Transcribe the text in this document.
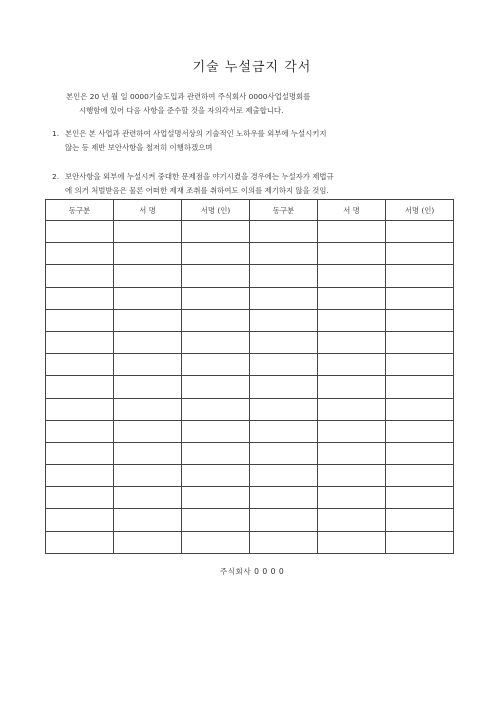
기술 누설금지 각서
본인은 20 년 월 일 0000기술도입과 관련하여 주식회사 0000사업설명회를
시행함에 있어 다음 사항을 준수할 것을 자의각서로 제출합니다.
1. 본인은 본 사업과 관련하여 사업설명서상의 기술적인 노하우를 외부에 누설시키지
않는 등 제반 보안사항을 철저히 이행하겠으며
2. 보안사항을 외부에 누설시켜 중대한 문제점을 야기시켰을 경우에는 누설자가 제법규
에 의거 처벌받음은 물론 어떠한 제재 조취를 취하여도 이의를 제기하지 않을 것임.
동구분	서 명	서명 (인)	동구분	서 명	서명 (인)

주식회사 0 0 0 0
